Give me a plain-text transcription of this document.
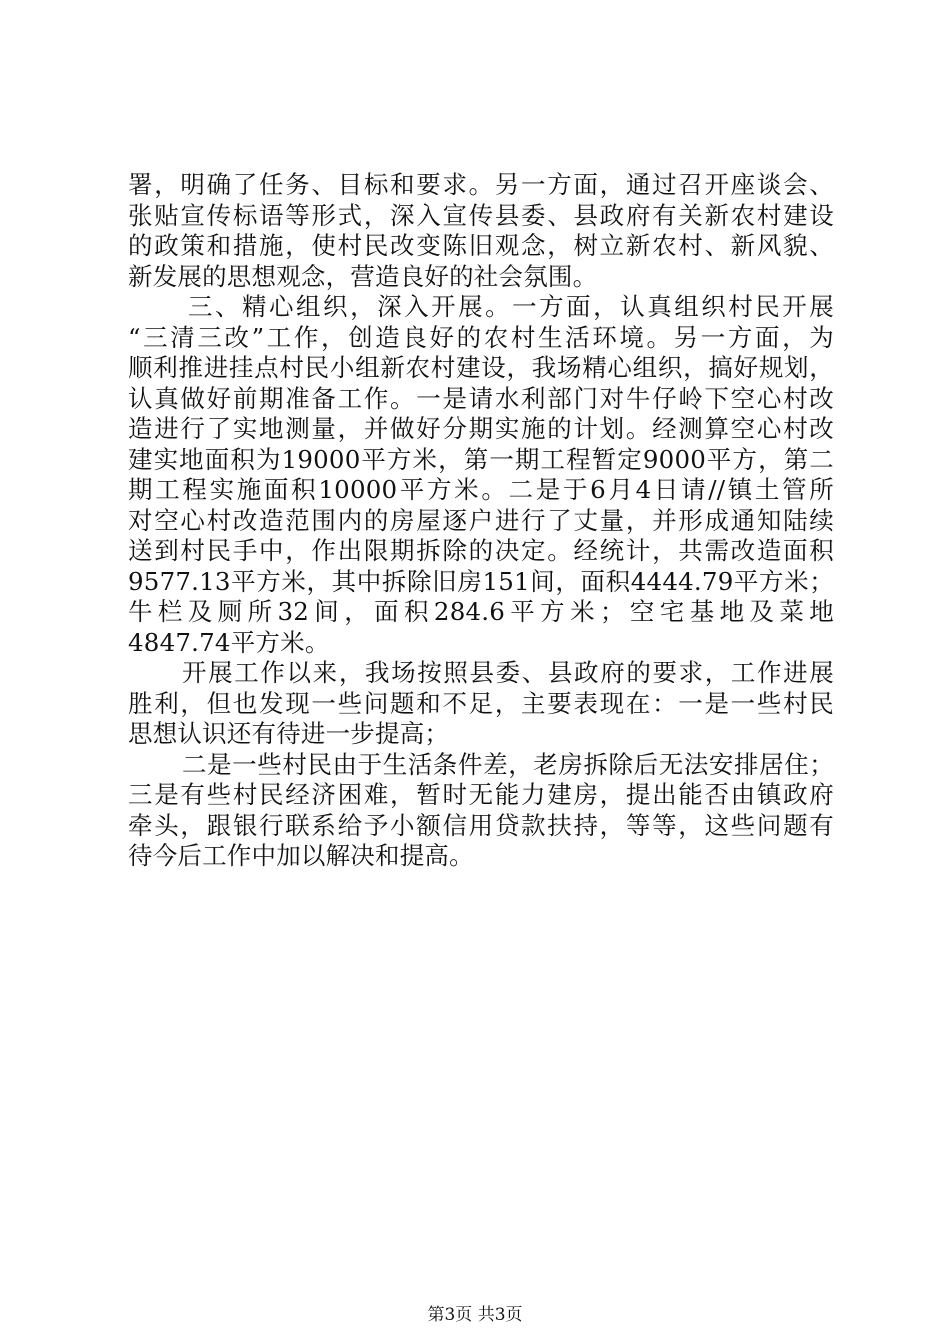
署，明确了任务、目标和要求。另一方面，通过召开座谈会、
张贴宣传标语等形式，深入宣传县委、县政府有关新农村建设
的政策和措施，使村民改变陈旧观念，树立新农村、新风貌、
新发展的思想观念，营造良好的社会氛围。
三、精心组织，深入开展。一方面，认真组织村民开展
“三清三改”工作，创造良好的农村生活环境。另一方面，为
顺利推进挂点村民小组新农村建设，我场精心组织，搞好规划，
认真做好前期准备工作。一是请水利部门对牛仔岭下空心村改
造进行了实地测量，并做好分期实施的计划。经测算空心村改
建实地面积为19000平方米，第一期工程暂定9000平方，第二
期工程实施面积10000平方米。二是于6月4日请//镇土管所
对空心村改造范围内的房屋逐户进行了丈量，并形成通知陆续
送到村民手中，作出限期拆除的决定。经统计，共需改造面积
9577.13平方米，其中拆除旧房151间，面积4444.79平方米；
牛栏及厕所32间，面积284.6平方米；空宅基地及菜地
4847.74平方米。
开展工作以来，我场按照县委、县政府的要求，工作进展
胜利，但也发现一些问题和不足，主要表现在：一是一些村民
思想认识还有待进一步提高；
二是一些村民由于生活条件差，老房拆除后无法安排居住；
三是有些村民经济困难，暂时无能力建房，提出能否由镇政府
牵头，跟银行联系给予小额信用贷款扶持，等等，这些问题有
待今后工作中加以解决和提高。
第3页 共3页
